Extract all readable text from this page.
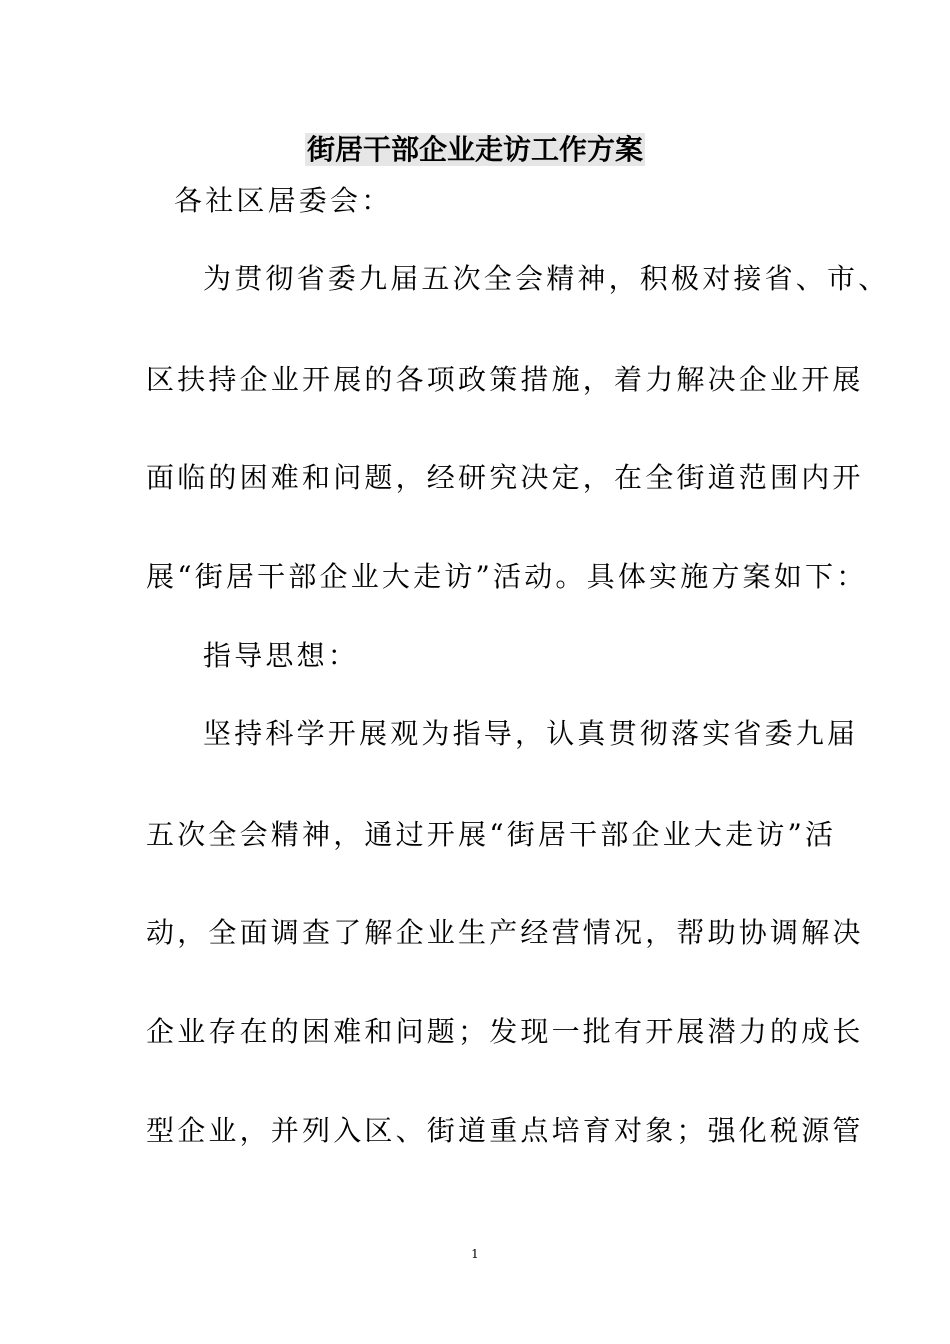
街居干部企业走访工作方案
各社区居委会：
为贯彻省委九届五次全会精神，积极对接省、市、
区扶持企业开展的各项政策措施，着力解决企业开展
面临的困难和问题，经研究决定，在全街道范围内开
展“街居干部企业大走访”活动。具体实施方案如下：
指导思想：
坚持科学开展观为指导，认真贯彻落实省委九届
五次全会精神，通过开展“街居干部企业大走访”活
动，全面调查了解企业生产经营情况，帮助协调解决
企业存在的困难和问题；发现一批有开展潜力的成长
型企业，并列入区、街道重点培育对象；强化税源管
1
